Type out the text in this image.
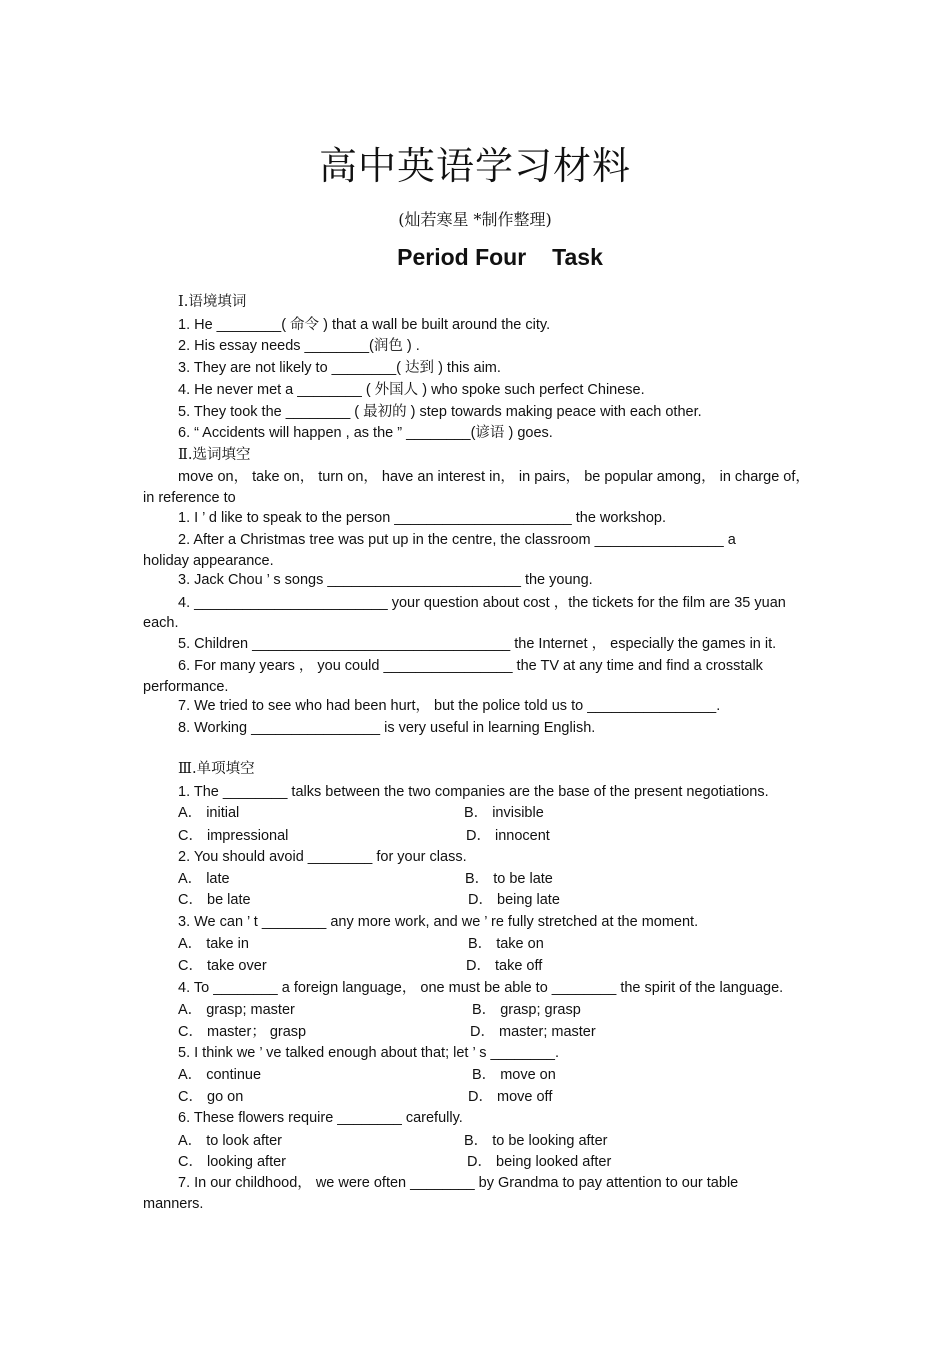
高中英语学习材料
(灿若寒星 *制作整理)
Period Four Task
Ⅰ.语境填词
1. He ________( 命令 ) that a wall be built around the city.
2. His essay needs ________(润色 ) .
3. They are not likely to ________( 达到 ) this aim.
4. He never met a ________ ( 外国人 ) who spoke such perfect Chinese.
5. They took the ________ ( 最初的 ) step towards making peace with each other.
6. “ Accidents will happen , as the ” ________(谚语 ) goes.
Ⅱ.选词填空
move on， take on， turn on， have an interest in， in pairs， be popular among， in charge of，
in reference to
1. I ’ d like to speak to the person ______________________ the workshop.
2. After a Christmas tree was put up in the centre, the classroom ________________ a
holiday appearance.
3. Jack Chou ’ s songs ________________________ the young.
4. ________________________ your question about cost ，the tickets for the film are 35 yuan
each.
5. Children ________________________________ the Internet ， especially the games in it.
6. For many years ， you could ________________ the TV at any time and find a crosstalk
performance.
7. We tried to see who had been hurt， but the police told us to ________________.
8. Working ________________ is very useful in learning English.
Ⅲ.单项填空
1. The ________ talks between the two companies are the base of the present negotiations.
A． initial	B． invisible
C． impressional	D． innocent
2. You should avoid ________ for your class.
A． late	B． to be late
C． be late	D． being late
3. We can ’ t ________ any more work, and we ’ re fully stretched at the moment.
A． take in	B． take on
C． take over	D． take off
4. To ________ a foreign language， one must be able to ________ the spirit of the language.
A． grasp; master	B． grasp; grasp
C． master； grasp	D． master; master
5. I think we ’ ve talked enough about that; let ’ s ________.
A． continue	B． move on
C． go on	D． move off
6. These flowers require ________ carefully.
A． to look after	B． to be looking after
C． looking after	D． being looked after
7. In our childhood， we were often ________ by Grandma to pay attention to our table
manners.
